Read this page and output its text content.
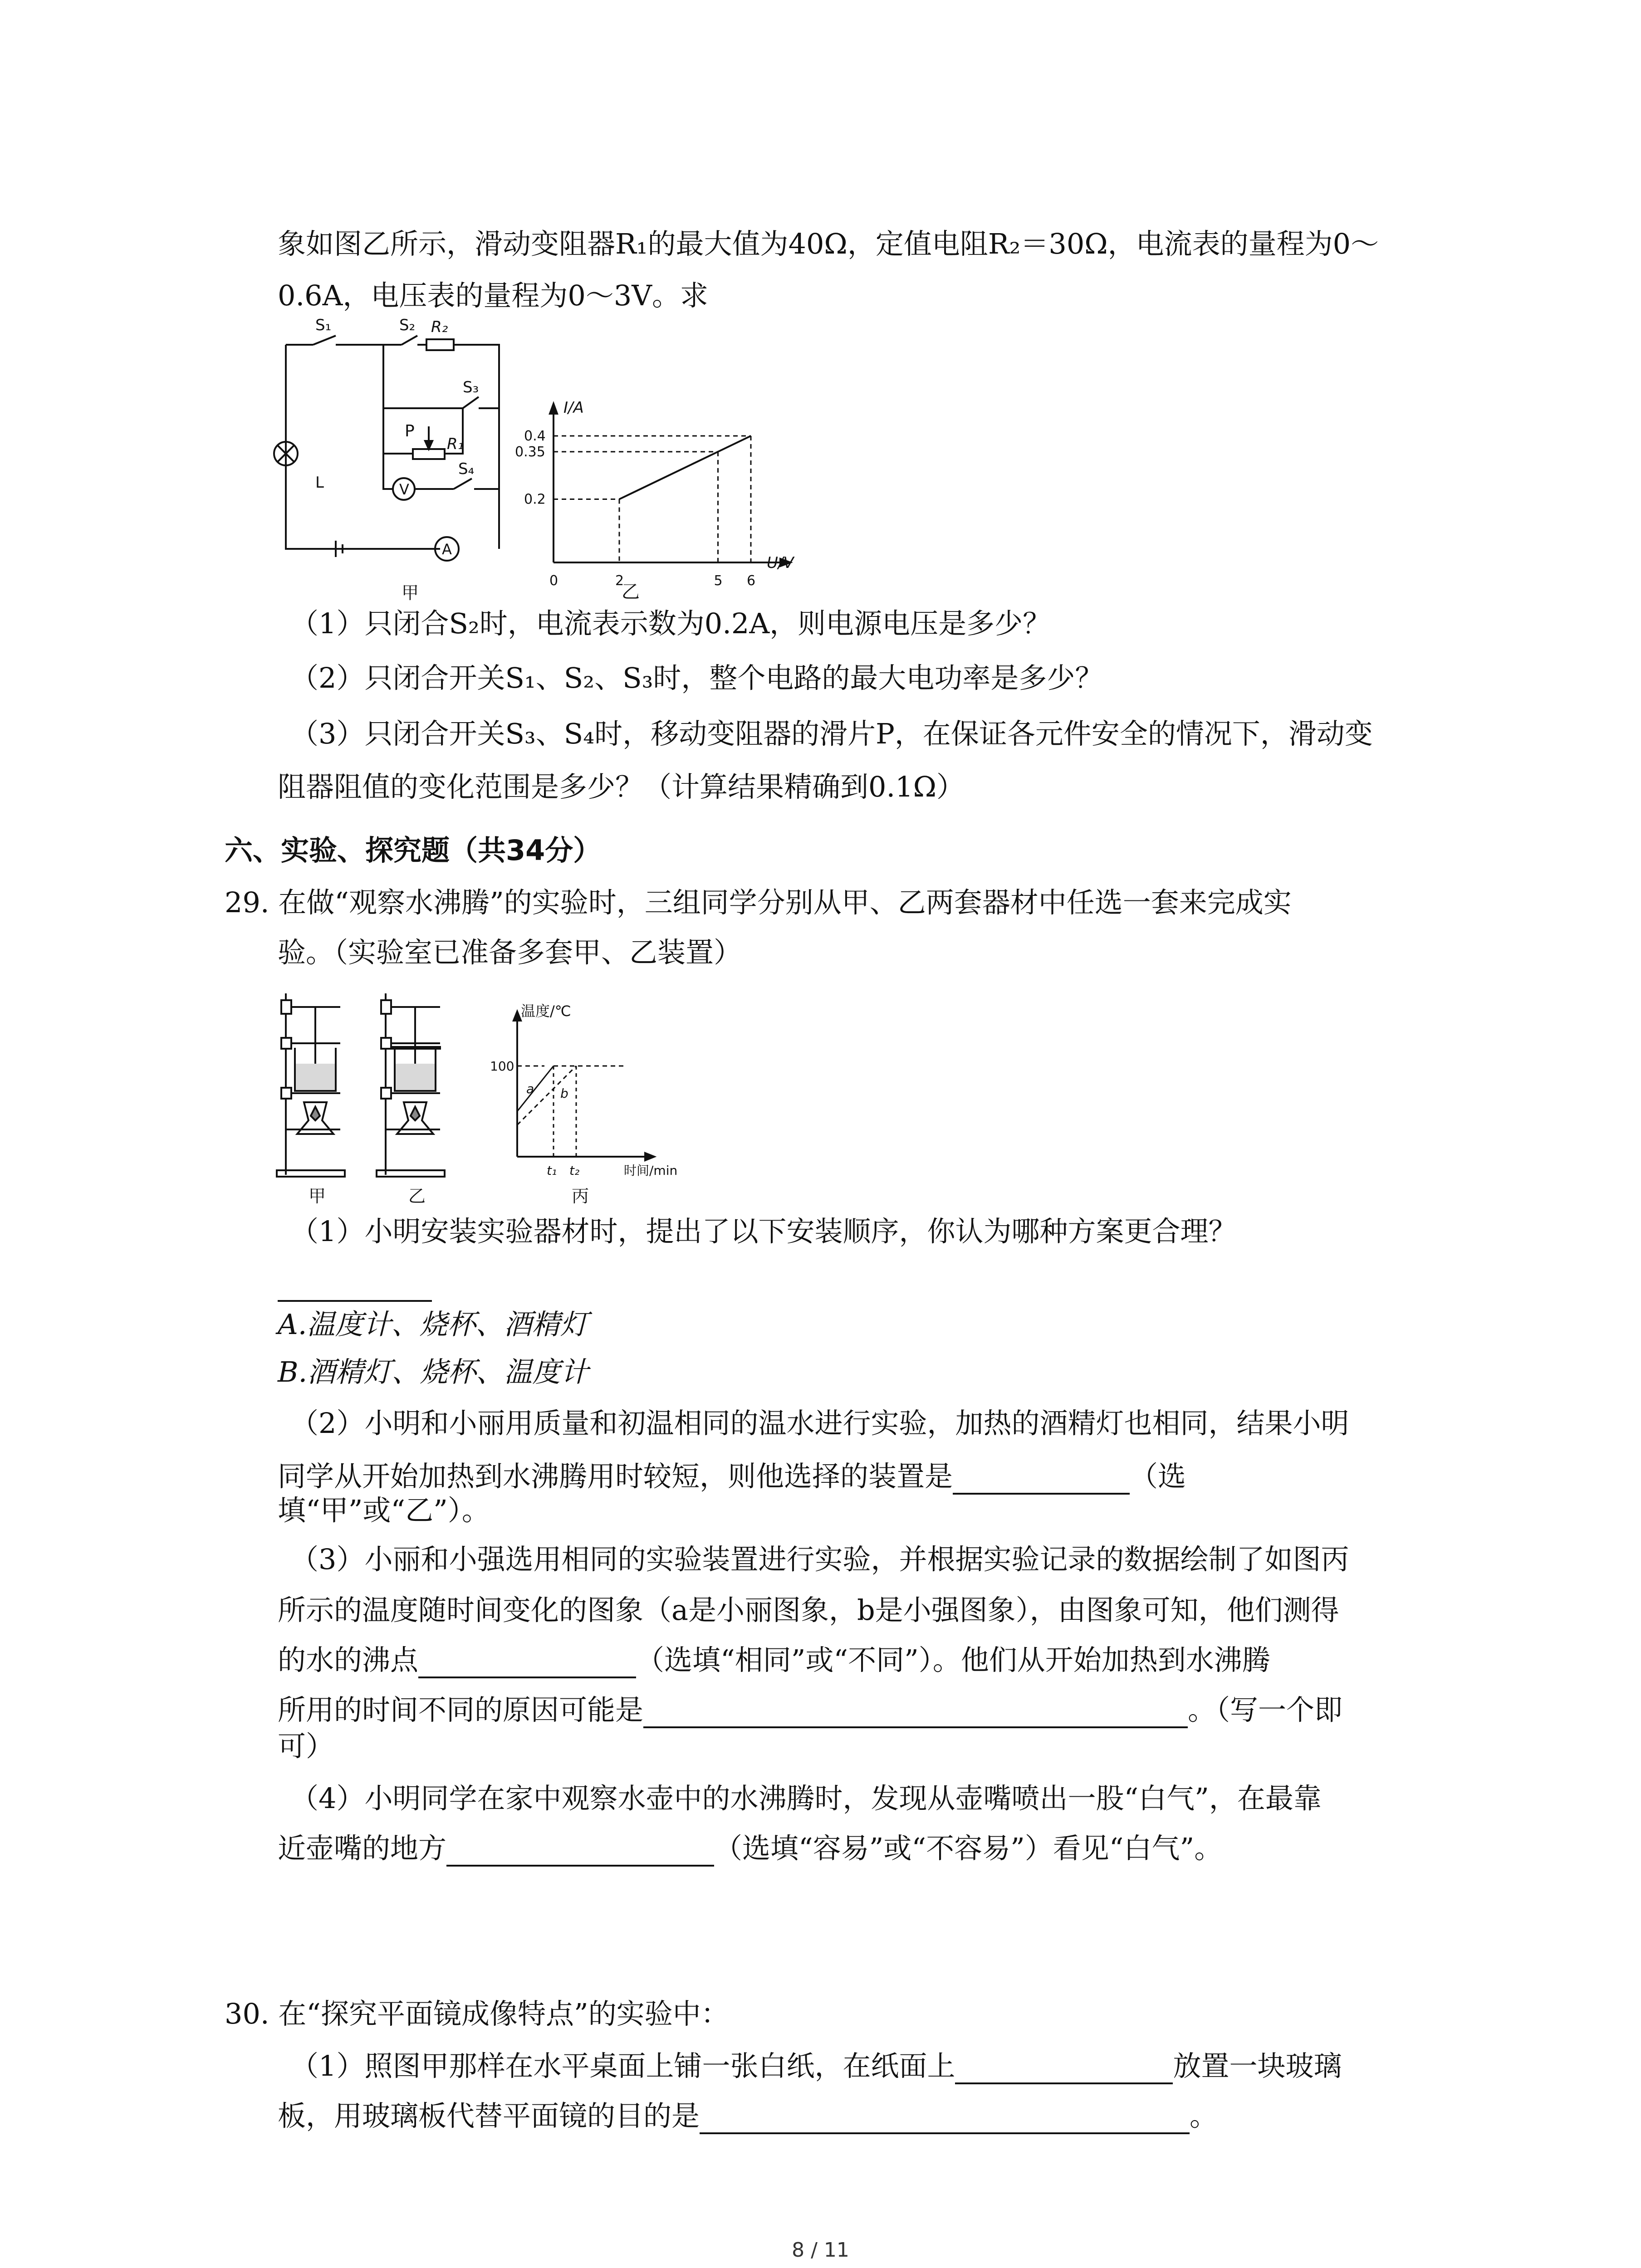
象如图乙所示，滑动变阻器R₁的最大值为40Ω，定值电阻R₂＝30Ω，电流表的量程为0～
0.6A，电压表的量程为0～3V。求
S₁	S₂ R₂
S₃
P
R₁
S₄
L	V
A
甲
I/A
U/V
0.4
0.35
0.2
0	2	5 6
乙
（1）只闭合S₂时，电流表示数为0.2A，则电源电压是多少？
（2）只闭合开关S₁、S₂、S₃时，整个电路的最大电功率是多少？
（3）只闭合开关S₃、S₄时，移动变阻器的滑片P，在保证各元件安全的情况下，滑动变
阻器阻值的变化范围是多少？（计算结果精确到0.1Ω）
六、实验、探究题（共34分）
29. 在做“观察水沸腾”的实验时，三组同学分别从甲、乙两套器材中任选一套来完成实
验。（实验室已准备多套甲、乙装置）
温度/℃
100
a b
t₁ t₂	时间/min
甲	乙	丙
（1）小明安装实验器材时，提出了以下安装顺序，你认为哪种方案更合理？
A.温度计、烧杯、酒精灯
B.酒精灯、烧杯、温度计
（2）小明和小丽用质量和初温相同的温水进行实验，加热的酒精灯也相同，结果小明
同学从开始加热到水沸腾用时较短，则他选择的装置是	（选
填“甲”或“乙”）。
（3）小丽和小强选用相同的实验装置进行实验，并根据实验记录的数据绘制了如图丙
所示的温度随时间变化的图象（a是小丽图象，b是小强图象），由图象可知，他们测得
的水的沸点	（选填“相同”或“不同”）。他们从开始加热到水沸腾
所用的时间不同的原因可能是	。（写一个即
可）
（4）小明同学在家中观察水壶中的水沸腾时，发现从壶嘴喷出一股“白气”，在最靠
近壶嘴的地方	（选填“容易”或“不容易”）看见“白气”。
30. 在“探究平面镜成像特点”的实验中：
（1）照图甲那样在水平桌面上铺一张白纸，在纸面上	放置一块玻璃
板，用玻璃板代替平面镜的目的是	。
8 / 11
